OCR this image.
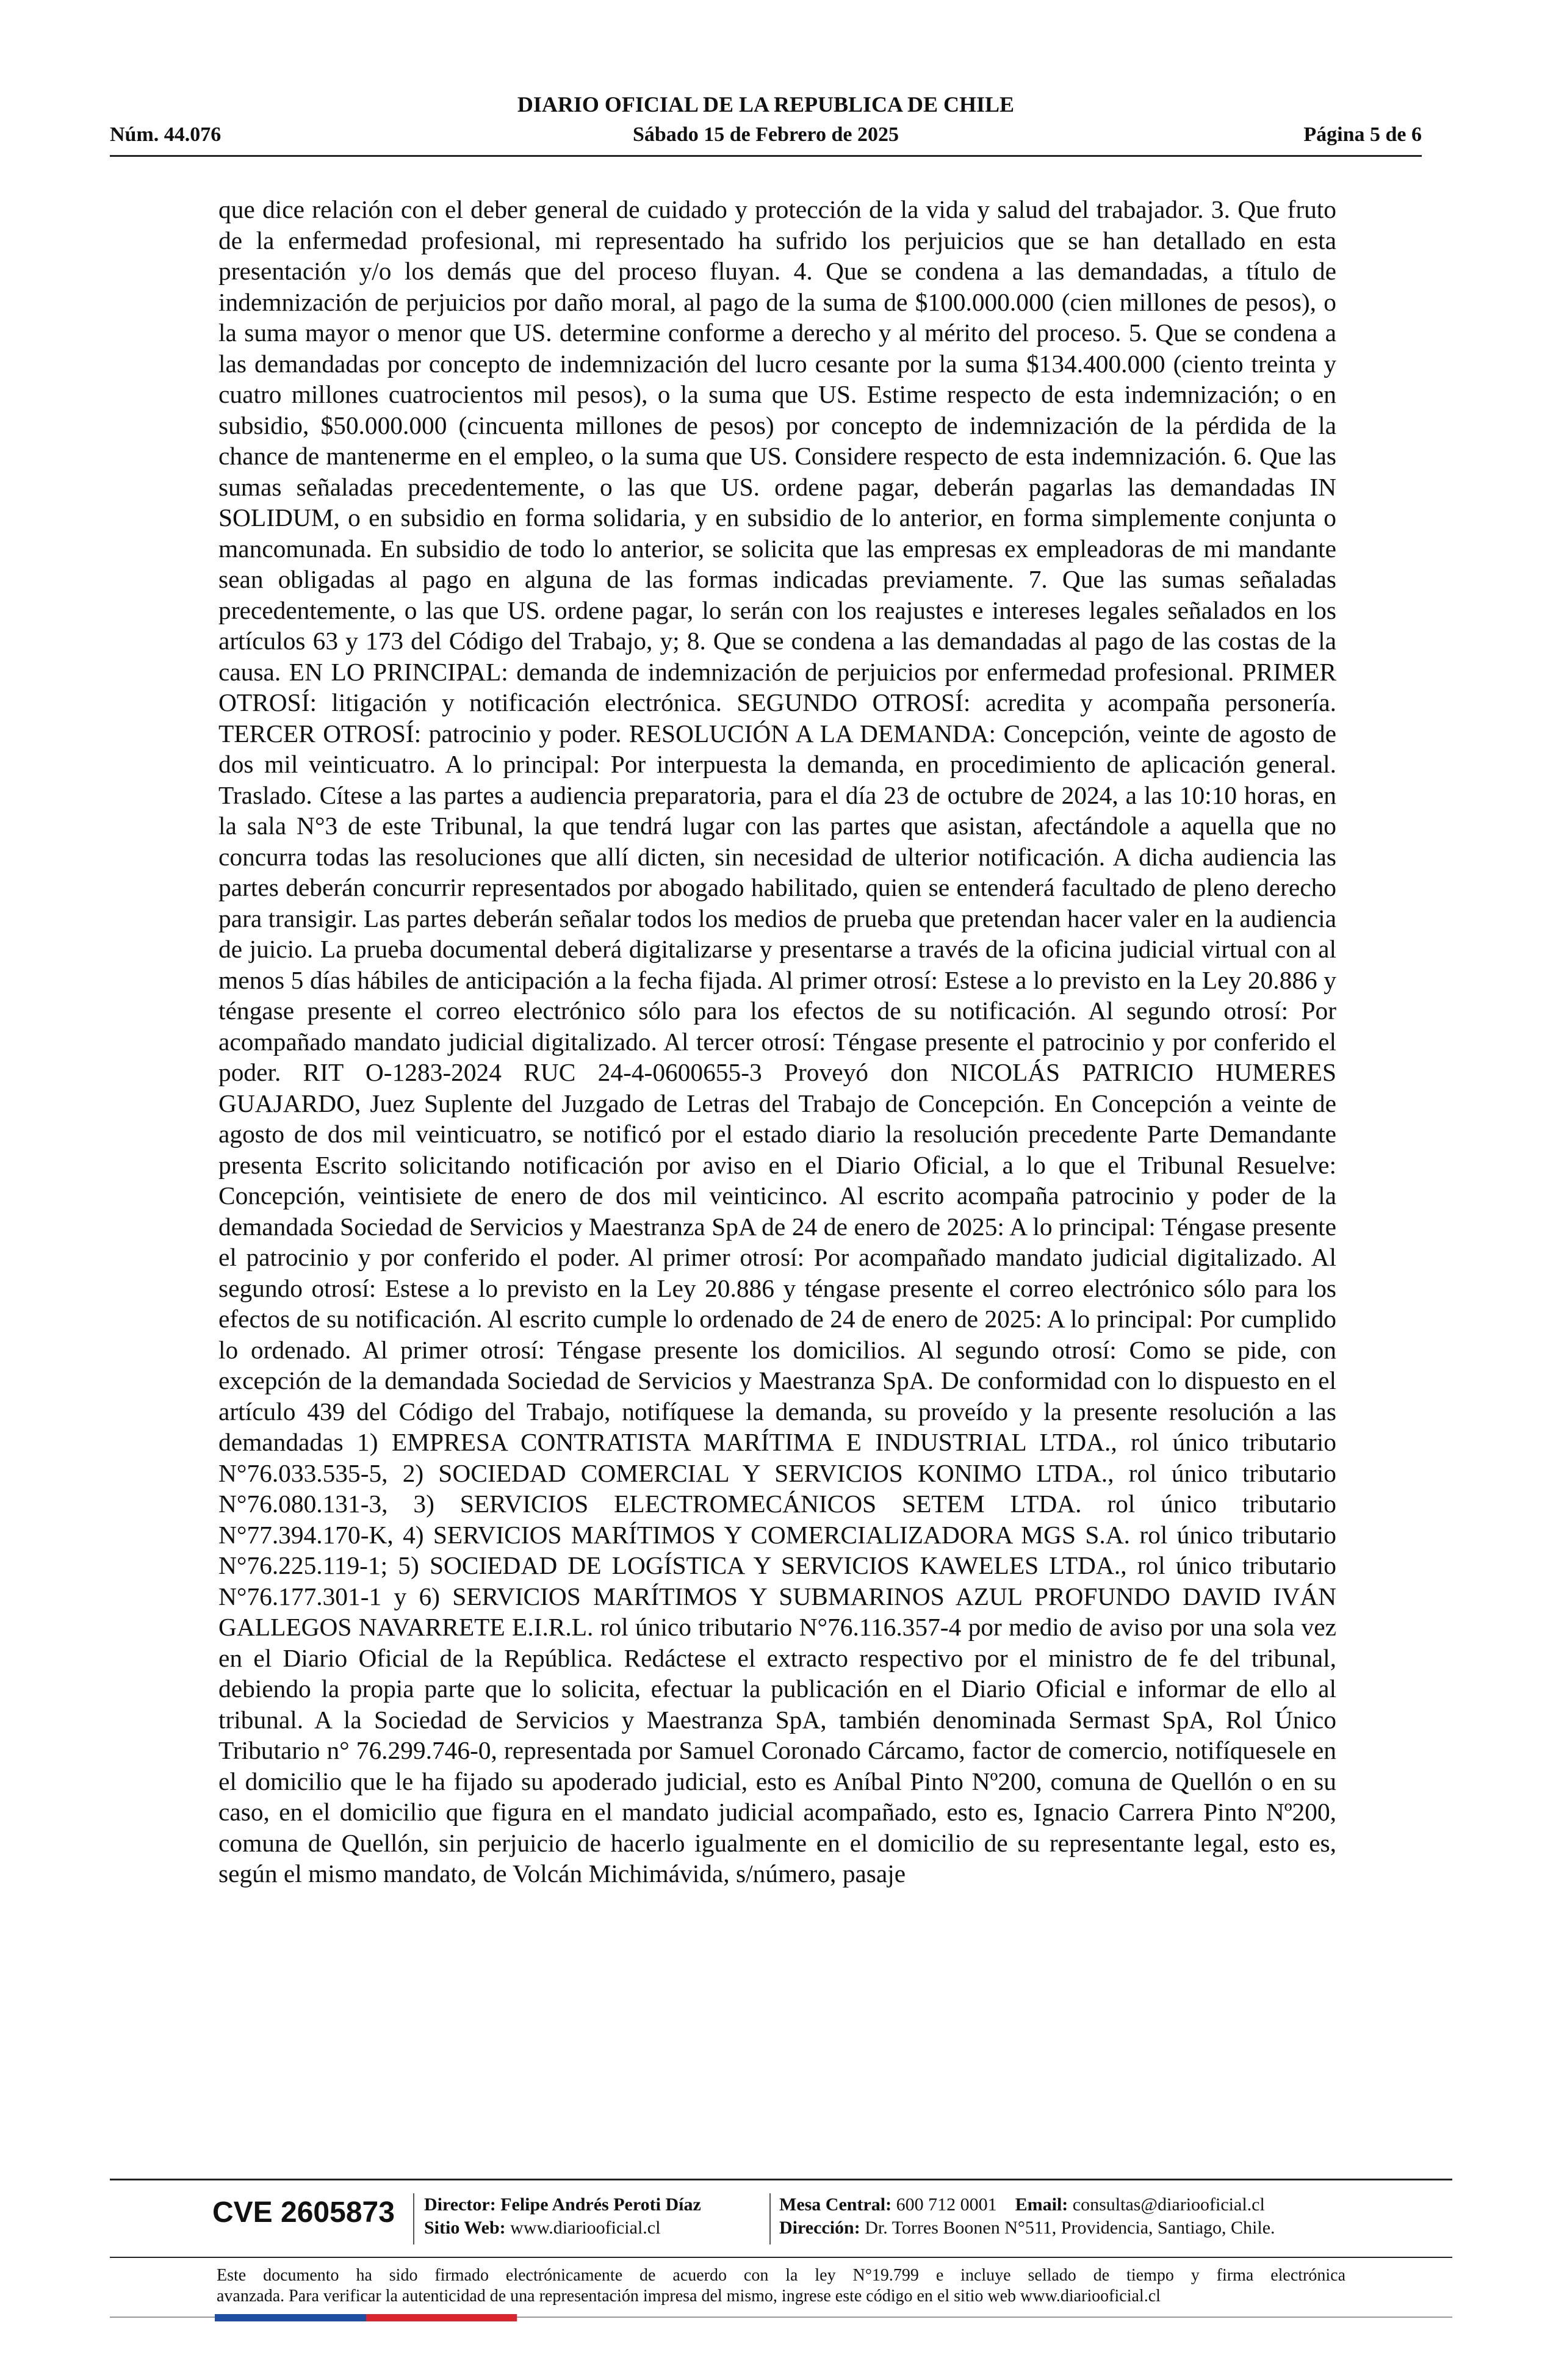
DIARIO OFICIAL DE LA REPUBLICA DE CHILE
Núm. 44.076	Sábado 15 de Febrero de 2025	Página 5 de 6
que dice relación con el deber general de cuidado y protección de la vida y salud del trabajador. 3. Que fruto de la enfermedad profesional, mi representado ha sufrido los perjuicios que se han detallado en esta presentación y/o los demás que del proceso fluyan. 4. Que se condena a las demandadas, a título de indemnización de perjuicios por daño moral, al pago de la suma de $100.000.000 (cien millones de pesos), o la suma mayor o menor que US. determine conforme a derecho y al mérito del proceso. 5. Que se condena a las demandadas por concepto de indemnización del lucro cesante por la suma $134.400.000 (ciento treinta y cuatro millones cuatrocientos mil pesos), o la suma que US. Estime respecto de esta indemnización; o en subsidio, $50.000.000 (cincuenta millones de pesos) por concepto de indemnización de la pérdida de la chance de mantenerme en el empleo, o la suma que US. Considere respecto de esta indemnización. 6. Que las sumas señaladas precedentemente, o las que US. ordene pagar, deberán pagarlas las demandadas IN SOLIDUM, o en subsidio en forma solidaria, y en subsidio de lo anterior, en forma simplemente conjunta o mancomunada. En subsidio de todo lo anterior, se solicita que las empresas ex empleadoras de mi mandante sean obligadas al pago en alguna de las formas indicadas previamente. 7. Que las sumas señaladas precedentemente, o las que US. ordene pagar, lo serán con los reajustes e intereses legales señalados en los artículos 63 y 173 del Código del Trabajo, y; 8. Que se condena a las demandadas al pago de las costas de la causa. EN LO PRINCIPAL: demanda de indemnización de perjuicios por enfermedad profesional. PRIMER OTROSÍ: litigación y notificación electrónica. SEGUNDO OTROSÍ: acredita y acompaña personería. TERCER OTROSÍ: patrocinio y poder. RESOLUCIÓN A LA DEMANDA: Concepción, veinte de agosto de dos mil veinticuatro. A lo principal: Por interpuesta la demanda, en procedimiento de aplicación general. Traslado. Cítese a las partes a audiencia preparatoria, para el día 23 de octubre de 2024, a las 10:10 horas, en la sala N°3 de este Tribunal, la que tendrá lugar con las partes que asistan, afectándole a aquella que no concurra todas las resoluciones que allí dicten, sin necesidad de ulterior notificación. A dicha audiencia las partes deberán concurrir representados por abogado habilitado, quien se entenderá facultado de pleno derecho para transigir. Las partes deberán señalar todos los medios de prueba que pretendan hacer valer en la audiencia de juicio. La prueba documental deberá digitalizarse y presentarse a través de la oficina judicial virtual con al menos 5 días hábiles de anticipación a la fecha fijada. Al primer otrosí: Estese a lo previsto en la Ley 20.886 y téngase presente el correo electrónico sólo para los efectos de su notificación. Al segundo otrosí: Por acompañado mandato judicial digitalizado. Al tercer otrosí: Téngase presente el patrocinio y por conferido el poder. RIT O-1283-2024 RUC 24-4-0600655-3 Proveyó don NICOLÁS PATRICIO HUMERES GUAJARDO, Juez Suplente del Juzgado de Letras del Trabajo de Concepción. En Concepción a veinte de agosto de dos mil veinticuatro, se notificó por el estado diario la resolución precedente Parte Demandante presenta Escrito solicitando notificación por aviso en el Diario Oficial, a lo que el Tribunal Resuelve: Concepción, veintisiete de enero de dos mil veinticinco. Al escrito acompaña patrocinio y poder de la demandada Sociedad de Servicios y Maestranza SpA de 24 de enero de 2025: A lo principal: Téngase presente el patrocinio y por conferido el poder. Al primer otrosí: Por acompañado mandato judicial digitalizado. Al segundo otrosí: Estese a lo previsto en la Ley 20.886 y téngase presente el correo electrónico sólo para los efectos de su notificación. Al escrito cumple lo ordenado de 24 de enero de 2025: A lo principal: Por cumplido lo ordenado. Al primer otrosí: Téngase presente los domicilios. Al segundo otrosí: Como se pide, con excepción de la demandada Sociedad de Servicios y Maestranza SpA. De conformidad con lo dispuesto en el artículo 439 del Código del Trabajo, notifíquese la demanda, su proveído y la presente resolución a las demandadas 1) EMPRESA CONTRATISTA MARÍTIMA E INDUSTRIAL LTDA., rol único tributario N°76.033.535-5, 2) SOCIEDAD COMERCIAL Y SERVICIOS KONIMO LTDA., rol único tributario N°76.080.131-3, 3) SERVICIOS ELECTROMECÁNICOS SETEM LTDA. rol único tributario N°77.394.170-K, 4) SERVICIOS MARÍTIMOS Y COMERCIALIZADORA MGS S.A. rol único tributario N°76.225.119-1; 5) SOCIEDAD DE LOGÍSTICA Y SERVICIOS KAWELES LTDA., rol único tributario N°76.177.301-1 y 6) SERVICIOS MARÍTIMOS Y SUBMARINOS AZUL PROFUNDO DAVID IVÁN GALLEGOS NAVARRETE E.I.R.L. rol único tributario N°76.116.357-4 por medio de aviso por una sola vez en el Diario Oficial de la República. Redáctese el extracto respectivo por el ministro de fe del tribunal, debiendo la propia parte que lo solicita, efectuar la publicación en el Diario Oficial e informar de ello al tribunal. A la Sociedad de Servicios y Maestranza SpA, también denominada Sermast SpA, Rol Único Tributario n° 76.299.746-0, representada por Samuel Coronado Cárcamo, factor de comercio, notifíquesele en el domicilio que le ha fijado su apoderado judicial, esto es Aníbal Pinto Nº200, comuna de Quellón o en su caso, en el domicilio que figura en el mandato judicial acompañado, esto es, Ignacio Carrera Pinto Nº200, comuna de Quellón, sin perjuicio de hacerlo igualmente en el domicilio de su representante legal, esto es, según el mismo mandato, de Volcán Michimávida, s/número, pasaje
CVE 2605873 Director: Felipe Andrés Peroti Díaz
Sitio Web: www.diariooficial.cl
Mesa Central: 600 712 0001 Email: consultas@diariooficial.cl
Dirección: Dr. Torres Boonen N°511, Providencia, Santiago, Chile.
Este documento ha sido firmado electrónicamente de acuerdo con la ley N°19.799 e incluye sellado de tiempo y firma electrónica
avanzada. Para verificar la autenticidad de una representación impresa del mismo, ingrese este código en el sitio web www.diariooficial.cl
